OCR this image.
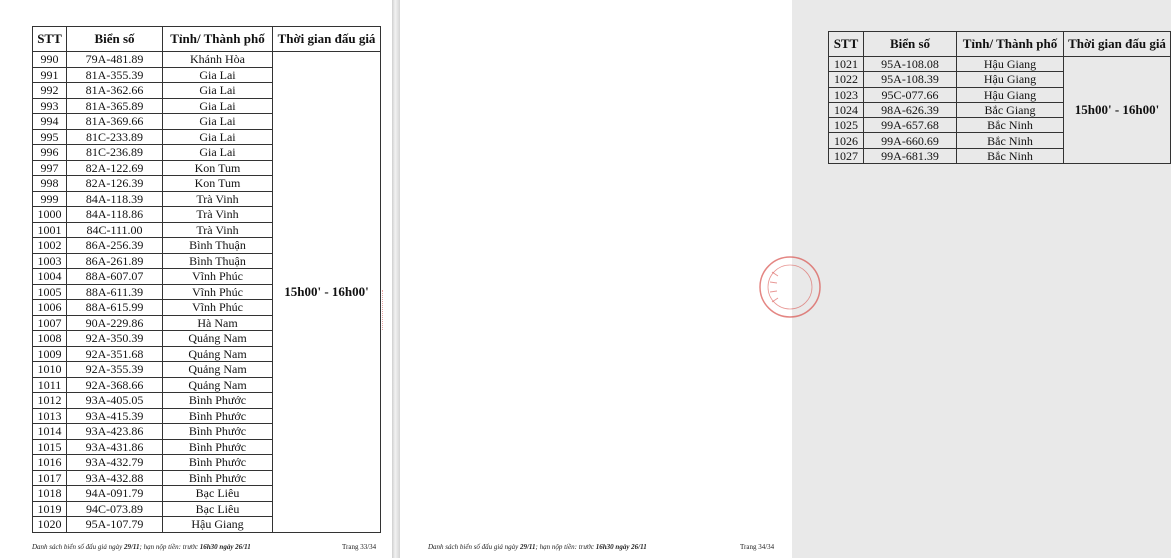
STT	Biển số	Tỉnh/ Thành phố	Thời gian đấu giá
990	79A-481.89	Khánh Hòa	15h00' - 16h00'
991	81A-355.39	Gia Lai	
992	81A-362.66	Gia Lai	
993	81A-365.89	Gia Lai	
994	81A-369.66	Gia Lai	
995	81C-233.89	Gia Lai	
996	81C-236.89	Gia Lai	
997	82A-122.69	Kon Tum	
998	82A-126.39	Kon Tum	
999	84A-118.39	Trà Vinh	
1000	84A-118.86	Trà Vinh	
1001	84C-111.00	Trà Vinh	
1002	86A-256.39	Bình Thuận	
1003	86A-261.89	Bình Thuận	
1004	88A-607.07	Vĩnh Phúc	
1005	88A-611.39	Vĩnh Phúc	
1006	88A-615.99	Vĩnh Phúc	
1007	90A-229.86	Hà Nam	
1008	92A-350.39	Quảng Nam	
1009	92A-351.68	Quảng Nam	
1010	92A-355.39	Quảng Nam	
1011	92A-368.66	Quảng Nam	
1012	93A-405.05	Bình Phước	
1013	93A-415.39	Bình Phước	
1014	93A-423.86	Bình Phước	
1015	93A-431.86	Bình Phước	
1016	93A-432.79	Bình Phước	
1017	93A-432.88	Bình Phước	
1018	94A-091.79	Bạc Liêu	
1019	94C-073.89	Bạc Liêu	
1020	95A-107.79	Hậu Giang	
Danh sách biển số đấu giá ngày 29/11; hạn nộp tiền: trước 16h30 ngày 26/11	Trang 33/34
STT	Biển số	Tỉnh/ Thành phố	Thời gian đấu giá
1021	95A-108.08	Hậu Giang	15h00' - 16h00'
1022	95A-108.39	Hậu Giang	
1023	95C-077.66	Hậu Giang	
1024	98A-626.39	Bắc Giang	
1025	99A-657.68	Bắc Ninh	
1026	99A-660.69	Bắc Ninh	
1027	99A-681.39	Bắc Ninh	
Danh sách biển số đấu giá ngày 29/11; hạn nộp tiền: trước 16h30 ngày 26/11	Trang 34/34
